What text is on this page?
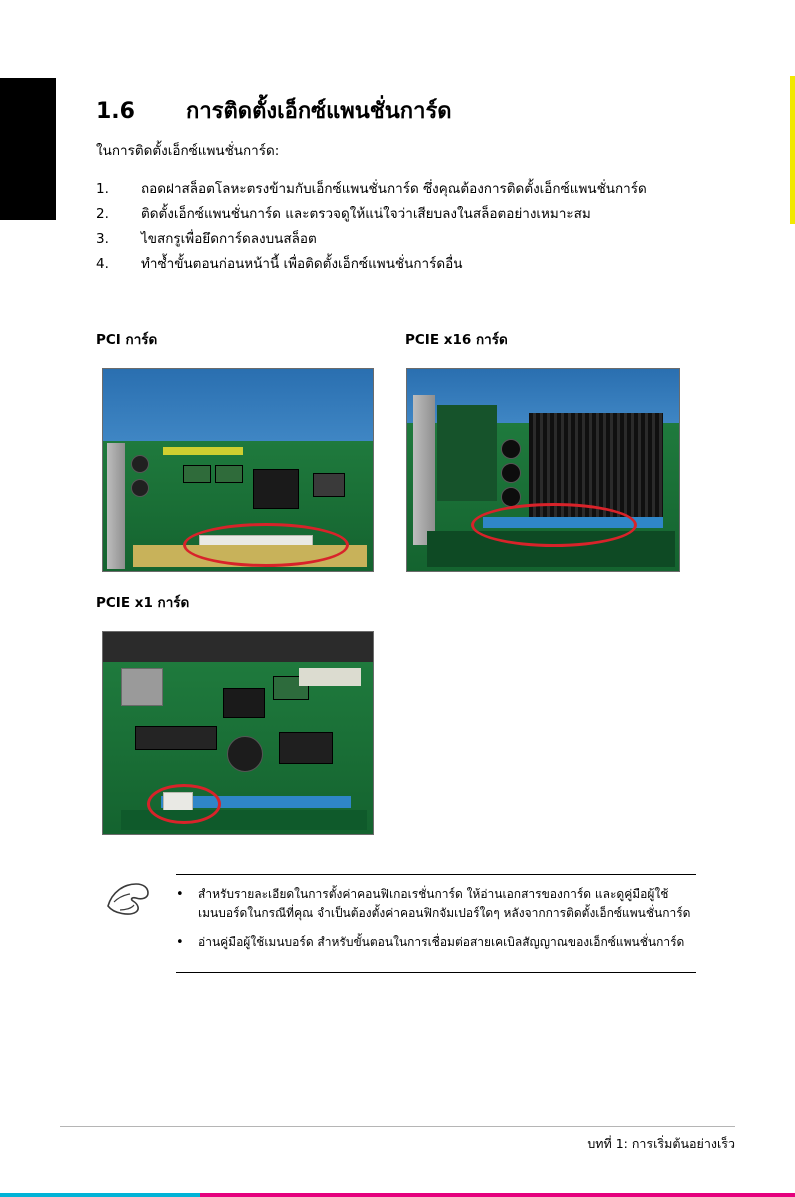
1.6	การติดตั้งเอ็กซ์แพนชั่นการ์ด
ในการติดตั้งเอ็กซ์แพนชั่นการ์ด:
1.	ถอดฝาสล็อตโลหะตรงข้ามกับเอ็กซ์แพนชั่นการ์ด ซึ่งคุณต้องการติดตั้งเอ็กซ์แพนชั่นการ์ด
2.	ติดตั้งเอ็กซ์แพนชั่นการ์ด และตรวจดูให้แน่ใจว่าเสียบลงในสล็อตอย่างเหมาะสม
3.	ไขสกรูเพื่อยึดการ์ดลงบนสล็อต
4.	ทำซ้ำขั้นตอนก่อนหน้านี้ เพื่อติดตั้งเอ็กซ์แพนชั่นการ์ดอื่น
PCI การ์ด	PCIE x16 การ์ด
PCIE x1 การ์ด
•	สำหรับรายละเอียดในการตั้งค่าคอนฟิเกอเรชั่นการ์ด ให้อ่านเอกสารของการ์ด และดูคู่มือผู้ใช้เมนบอร์ดในกรณีที่คุณ จำเป็นต้องตั้งค่าคอนฟิกจัมเปอร์ใดๆ หลังจากการติดตั้งเอ็กซ์แพนชั่นการ์ด
•	อ่านคู่มือผู้ใช้เมนบอร์ด สำหรับขั้นตอนในการเชื่อมต่อสายเคเบิลสัญญาณของเอ็กซ์แพนชั่นการ์ด
บทที่ 1: การเริ่มต้นอย่างเร็ว
